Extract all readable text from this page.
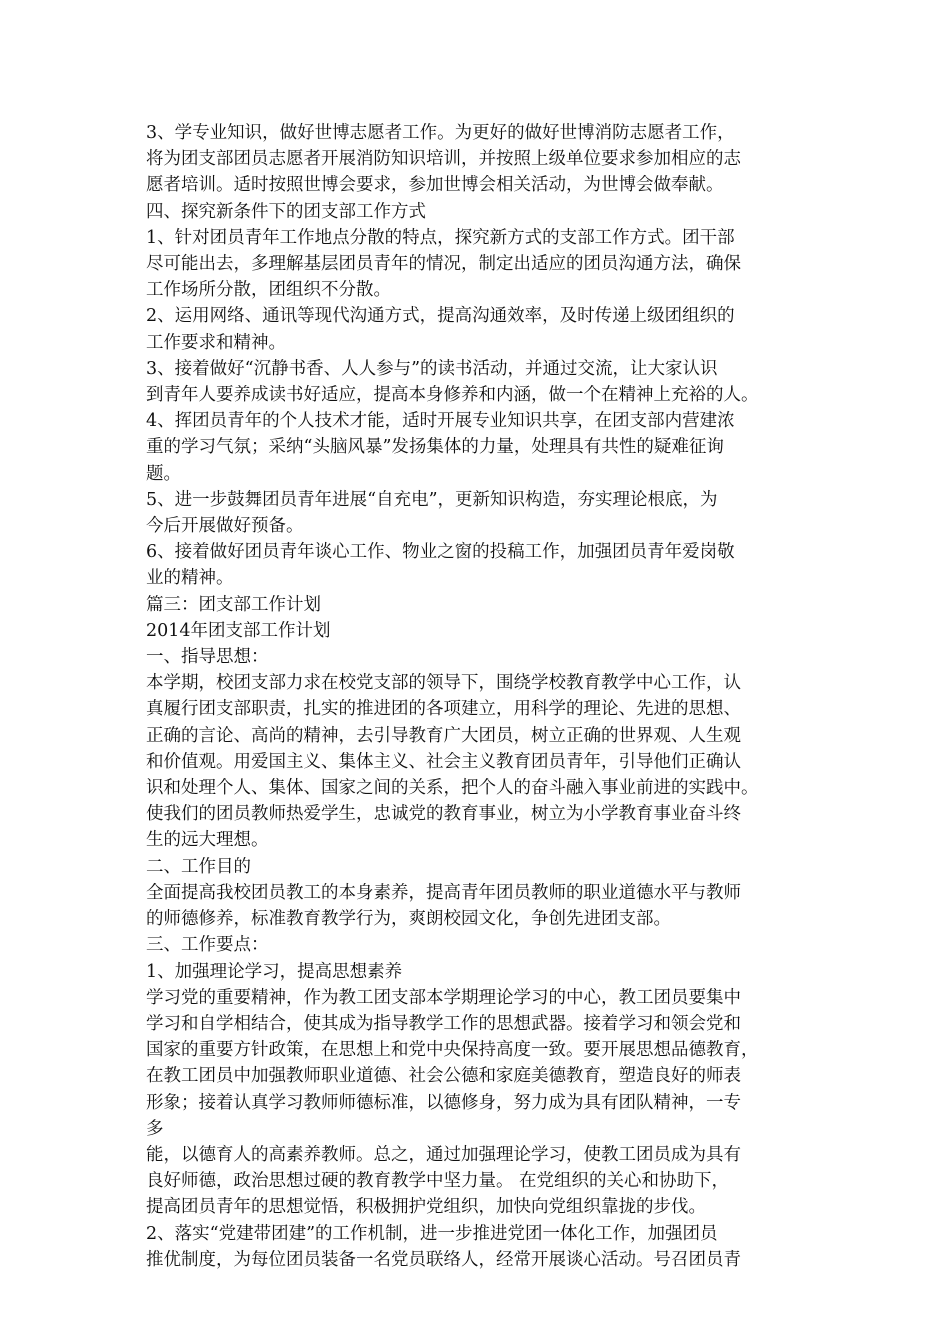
3、学专业知识，做好世博志愿者工作。为更好的做好世博消防志愿者工作，
将为团支部团员志愿者开展消防知识培训，并按照上级单位要求参加相应的志
愿者培训。适时按照世博会要求，参加世博会相关活动，为世博会做奉献。
四、探究新条件下的团支部工作方式
1、针对团员青年工作地点分散的特点，探究新方式的支部工作方式。团干部
尽可能出去，多理解基层团员青年的情况，制定出适应的团员沟通方法，确保
工作场所分散，团组织不分散。
2、运用网络、通讯等现代沟通方式，提高沟通效率，及时传递上级团组织的
工作要求和精神。
3、接着做好“沉静书香、人人参与”的读书活动，并通过交流，让大家认识
到青年人要养成读书好适应，提高本身修养和内涵，做一个在精神上充裕的人。
4、挥团员青年的个人技术才能，适时开展专业知识共享，在团支部内营建浓
重的学习气氛；采纳“头脑风暴”发扬集体的力量，处理具有共性的疑难征询
题。
5、进一步鼓舞团员青年进展“自充电”，更新知识构造，夯实理论根底，为
今后开展做好预备。
6、接着做好团员青年谈心工作、物业之窗的投稿工作，加强团员青年爱岗敬
业的精神。
篇三：团支部工作计划
2014年团支部工作计划
一、指导思想：
本学期，校团支部力求在校党支部的领导下，围绕学校教育教学中心工作，认
真履行团支部职责，扎实的推进团的各项建立，用科学的理论、先进的思想、
正确的言论、高尚的精神，去引导教育广大团员，树立正确的世界观、人生观
和价值观。用爱国主义、集体主义、社会主义教育团员青年，引导他们正确认
识和处理个人、集体、国家之间的关系，把个人的奋斗融入事业前进的实践中。
使我们的团员教师热爱学生，忠诚党的教育事业，树立为小学教育事业奋斗终
生的远大理想。
二、工作目的
全面提高我校团员教工的本身素养，提高青年团员教师的职业道德水平与教师
的师德修养，标准教育教学行为，爽朗校园文化，争创先进团支部。
三、工作要点：
1、加强理论学习，提高思想素养
学习党的重要精神，作为教工团支部本学期理论学习的中心，教工团员要集中
学习和自学相结合，使其成为指导教学工作的思想武器。接着学习和领会党和
国家的重要方针政策，在思想上和党中央保持高度一致。要开展思想品德教育，
在教工团员中加强教师职业道德、社会公德和家庭美德教育，塑造良好的师表
形象；接着认真学习教师师德标准，以德修身，努力成为具有团队精神，一专
多
能，以德育人的高素养教师。总之，通过加强理论学习，使教工团员成为具有
良好师德，政治思想过硬的教育教学中坚力量。 在党组织的关心和协助下，
提高团员青年的思想觉悟，积极拥护党组织，加快向党组织靠拢的步伐。
2、落实“党建带团建”的工作机制，进一步推进党团一体化工作，加强团员
推优制度，为每位团员装备一名党员联络人，经常开展谈心活动。号召团员青
